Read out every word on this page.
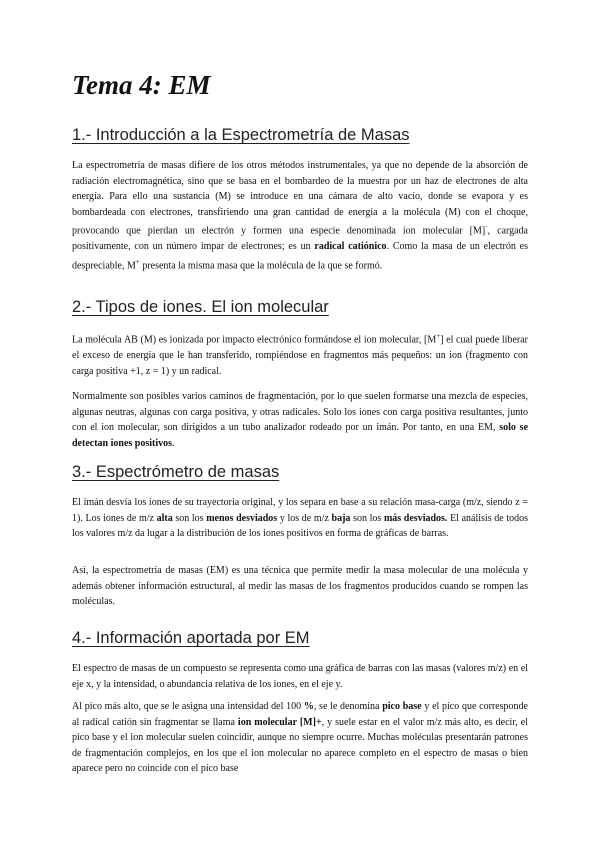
Tema 4: EM
1.- Introducción a la Espectrometría de Masas

La espectrometría de masas difiere de los otros métodos instrumentales, ya que no depende de la absorción de radiación electromagnética, sino que se basa en el bombardeo de la muestra por un haz de electrones de alta energía. Para ello una sustancia (M) se introduce en una cámara de alto vacío, donde se evapora y es bombardeada con electrones, transfiriendo una gran cantidad de energía a la molécula (M) con el choque, provocando que pierdan un electrón y formen una especie denominada ion molecular [M]·, cargada positivamente, con un número impar de electrones; es un radical catiónico. Como la masa de un electrón es despreciable, M+ presenta la misma masa que la molécula de la que se formó.

2.- Tipos de iones. El ion molecular

La molécula AB (M) es ionizada por impacto electrónico formándose el ion molecular, [M+] el cual puede liberar el exceso de energía que le han transferido, rompiéndose en fragmentos más pequeños: un ion (fragmento con carga positiva +1, z = 1) y un radical.

Normalmente son posibles varios caminos de fragmentación, por lo que suelen formarse una mezcla de especies, algunas neutras, algunas con carga positiva, y otras radicales. Solo los iones con carga positiva resultantes, junto con el ion molecular, son dirigidos a un tubo analizador rodeado por un imán. Por tanto, en una EM, solo se detectan iones positivos.

3.- Espectrómetro de masas

El imán desvía los iones de su trayectoria original, y los separa en base a su relación masa-carga (m/z, siendo z = 1). Los iones de m/z alta son los menos desviados y los de m/z baja son los más desviados. El análisis de todos los valores m/z da lugar a la distribución de los iones positivos en forma de gráficas de barras.

Así, la espectrometría de masas (EM) es una técnica que permite medir la masa molecular de una molécula y además obtener información estructural, al medir las masas de los fragmentos producidos cuando se rompen las moléculas.

4.- Información aportada por EM

El espectro de masas de un compuesto se representa como una gráfica de barras con las masas (valores m/z) en el eje x, y la intensidad, o abundancia relativa de los iones, en el eje y.

Al pico más alto, que se le asigna una intensidad del 100 %, se le denomina pico base y el pico que corresponde al radical catión sin fragmentar se llama ion molecular [M]+, y suele estar en el valor m/z más alto, es decir, el pico base y el ion molecular suelen coincidir, aunque no siempre ocurre. Muchas moléculas presentarán patrones de fragmentación complejos, en los que el ion molecular no aparece completo en el espectro de masas o bien aparece pero no coincide con el pico base
